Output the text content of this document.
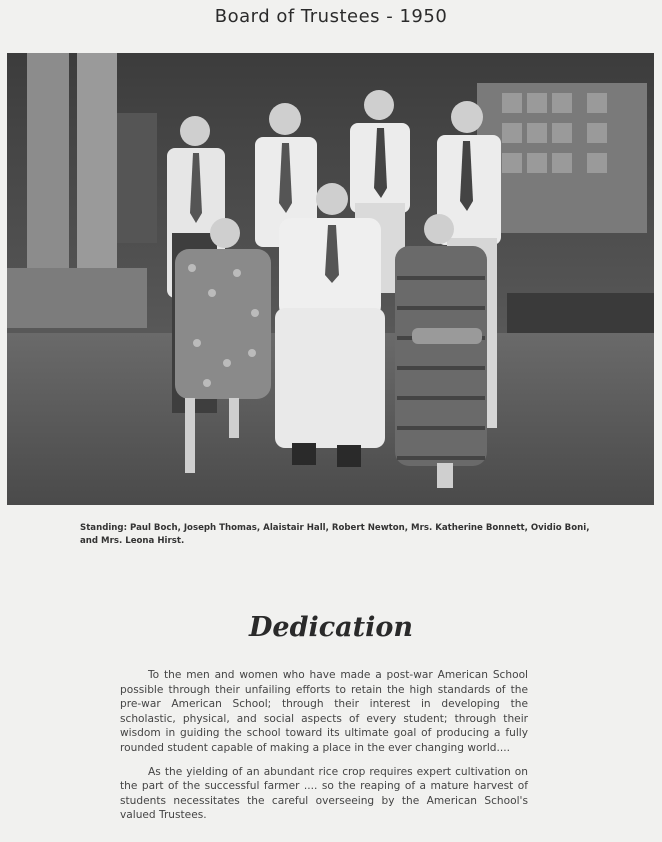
Board of Trustees - 1950
Standing: Paul Boch, Joseph Thomas, Alaistair Hall, Robert Newton, Mrs. Katherine Bonnett, Ovidio Boni, and Mrs. Leona Hirst.
Dedication

To the men and women who have made a post-war American School possible through their unfailing efforts to retain the high standards of the pre-war American School; through their interest in developing the scholastic, physical, and social aspects of every student; through their wisdom in guiding the school toward its ultimate goal of producing a fully rounded student capable of making a place in the ever changing world....

As the yielding of an abundant rice crop requires expert cultivation on the part of the successful farmer .... so the reaping of a mature harvest of students necessitates the careful overseeing by the American School's valued Trustees.
